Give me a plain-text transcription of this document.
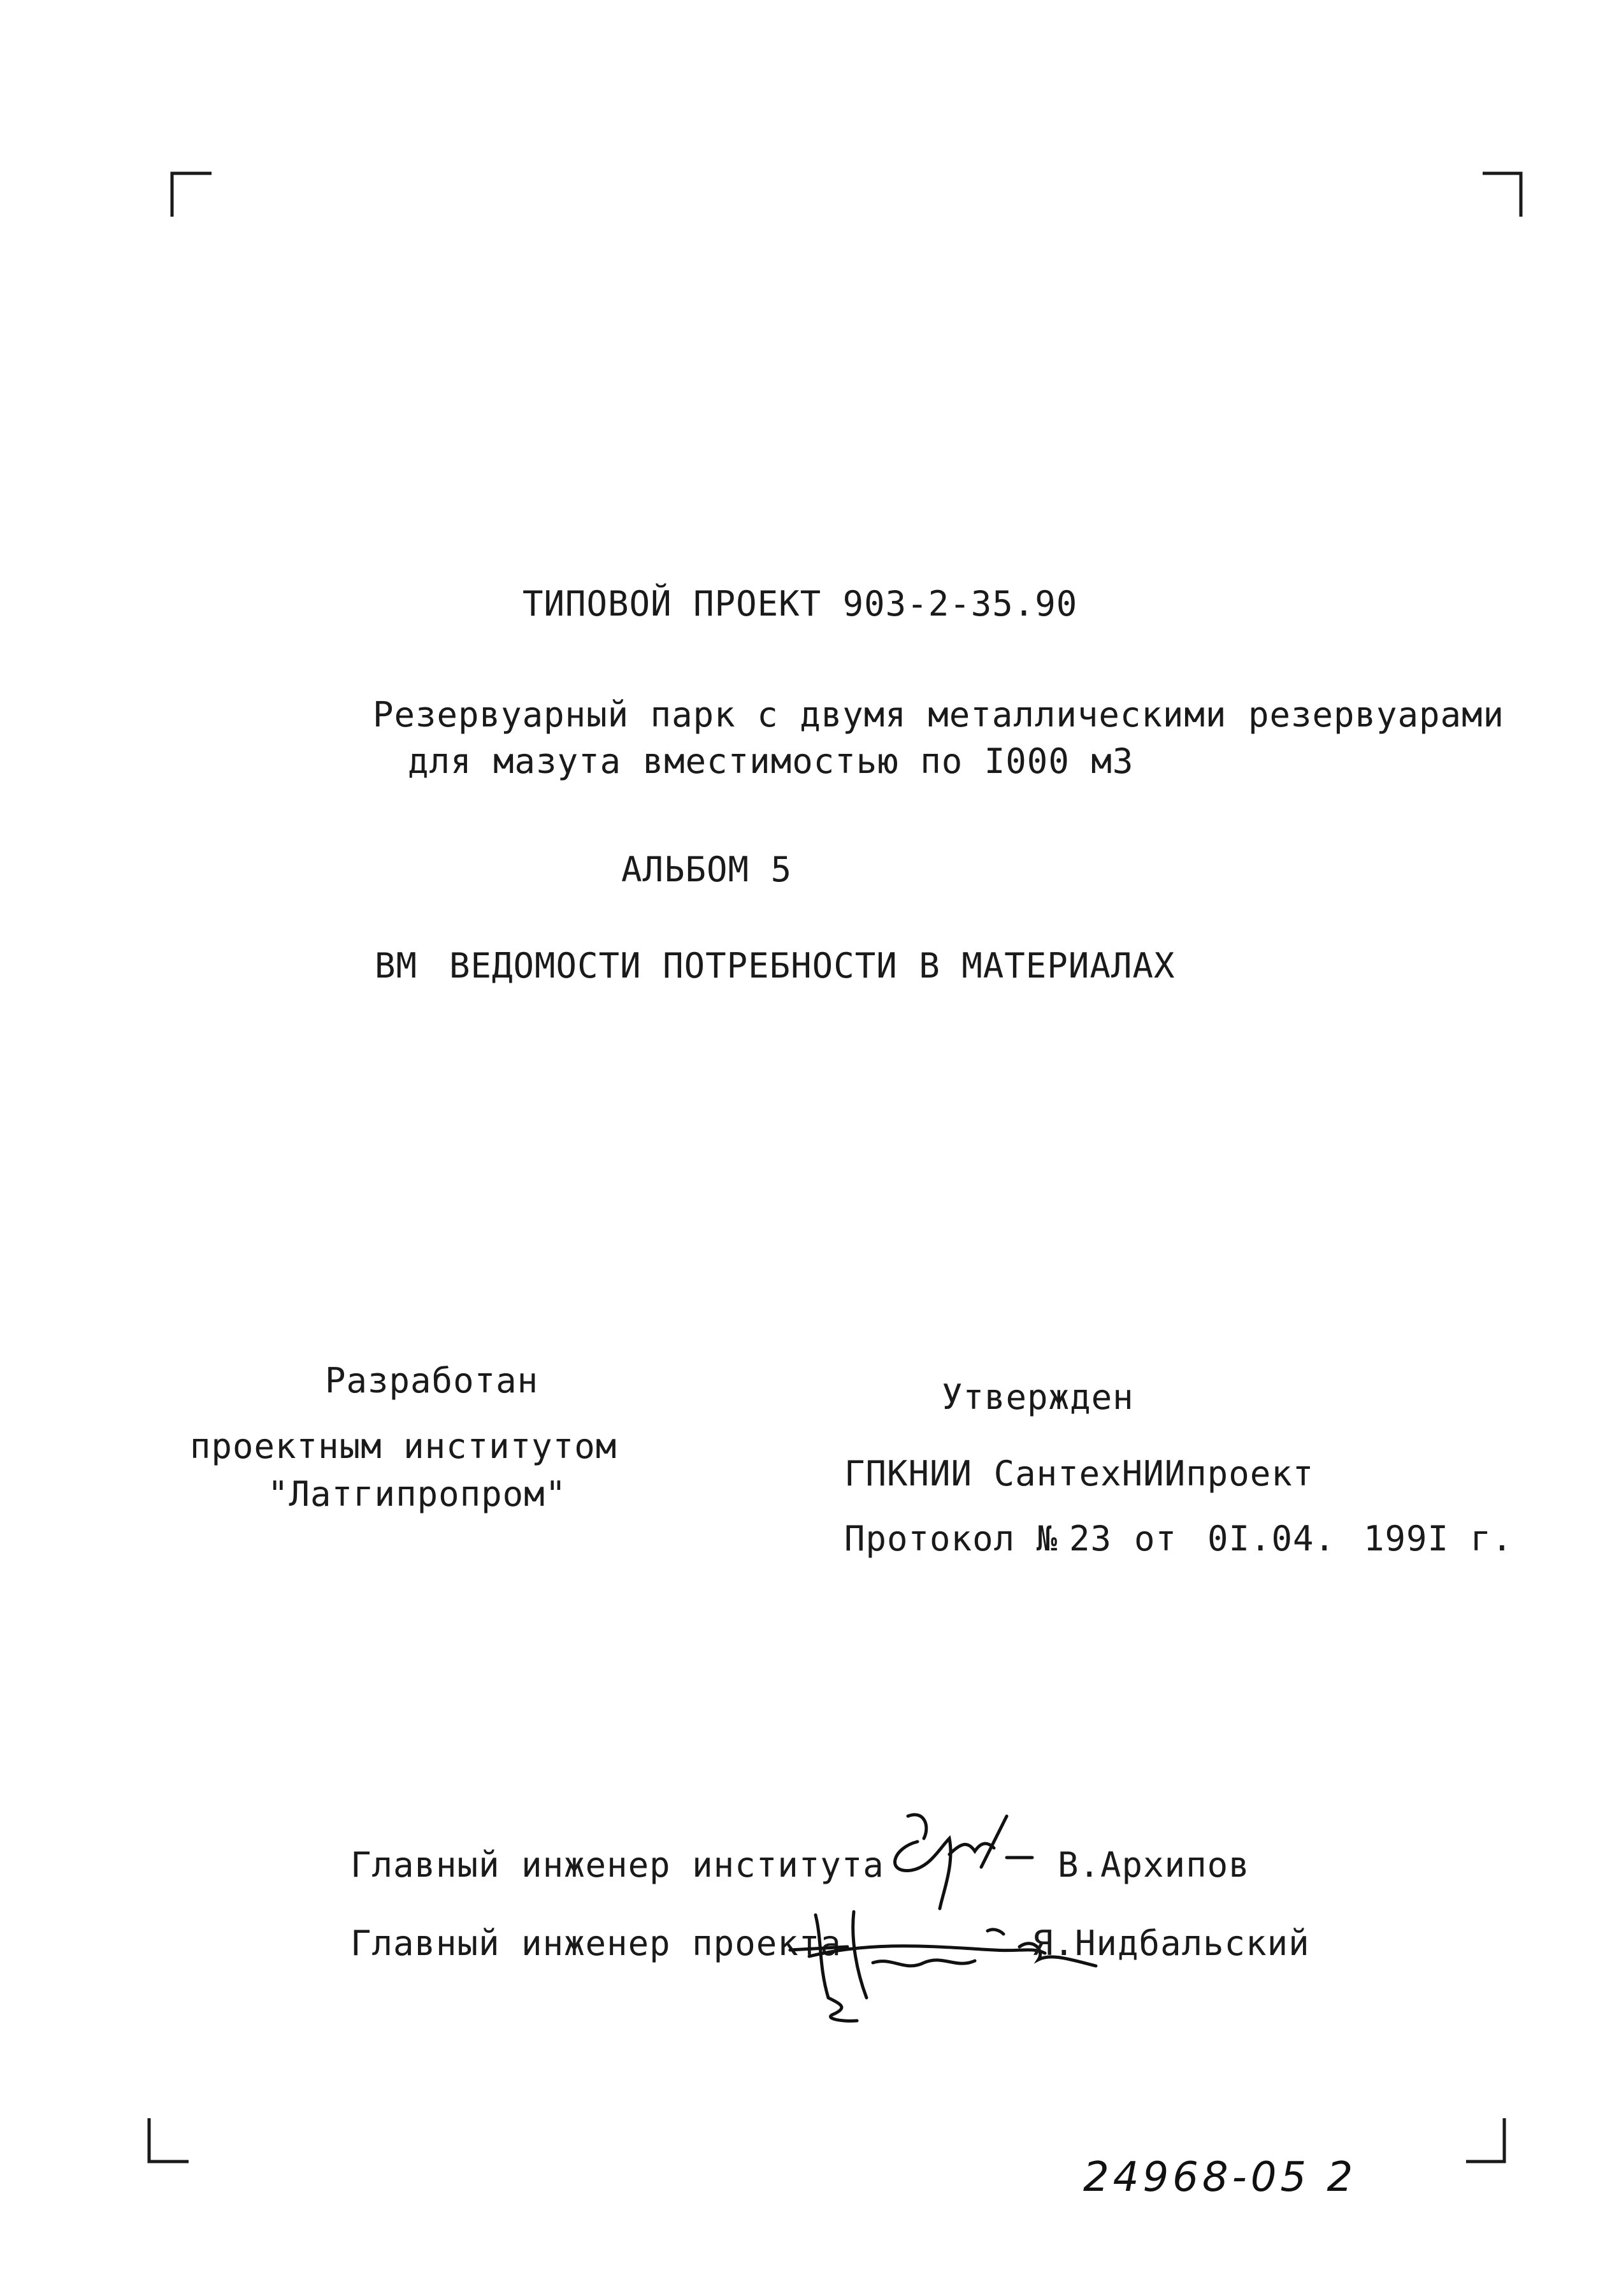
ТИПОВОЙ ПРОЕКТ 903-2-35.90
Резервуарный парк с двумя металлическими резервуарами
для мазута вместимостью по I000 м3
АЛЬБОМ 5
ВМ ВЕДОМОСТИ ПОТРЕБНОСТИ В МАТЕРИАЛАХ
Разработан
проектным институтом
"Латгипропром"
Утвержден
ГПКНИИ СантехНИИпроект
Протокол № 23 от 0I.04. 199I г.
Главный инженер института	В.Архипов
Главный инженер проекта	Я.Нидбальский
24968-05 2
